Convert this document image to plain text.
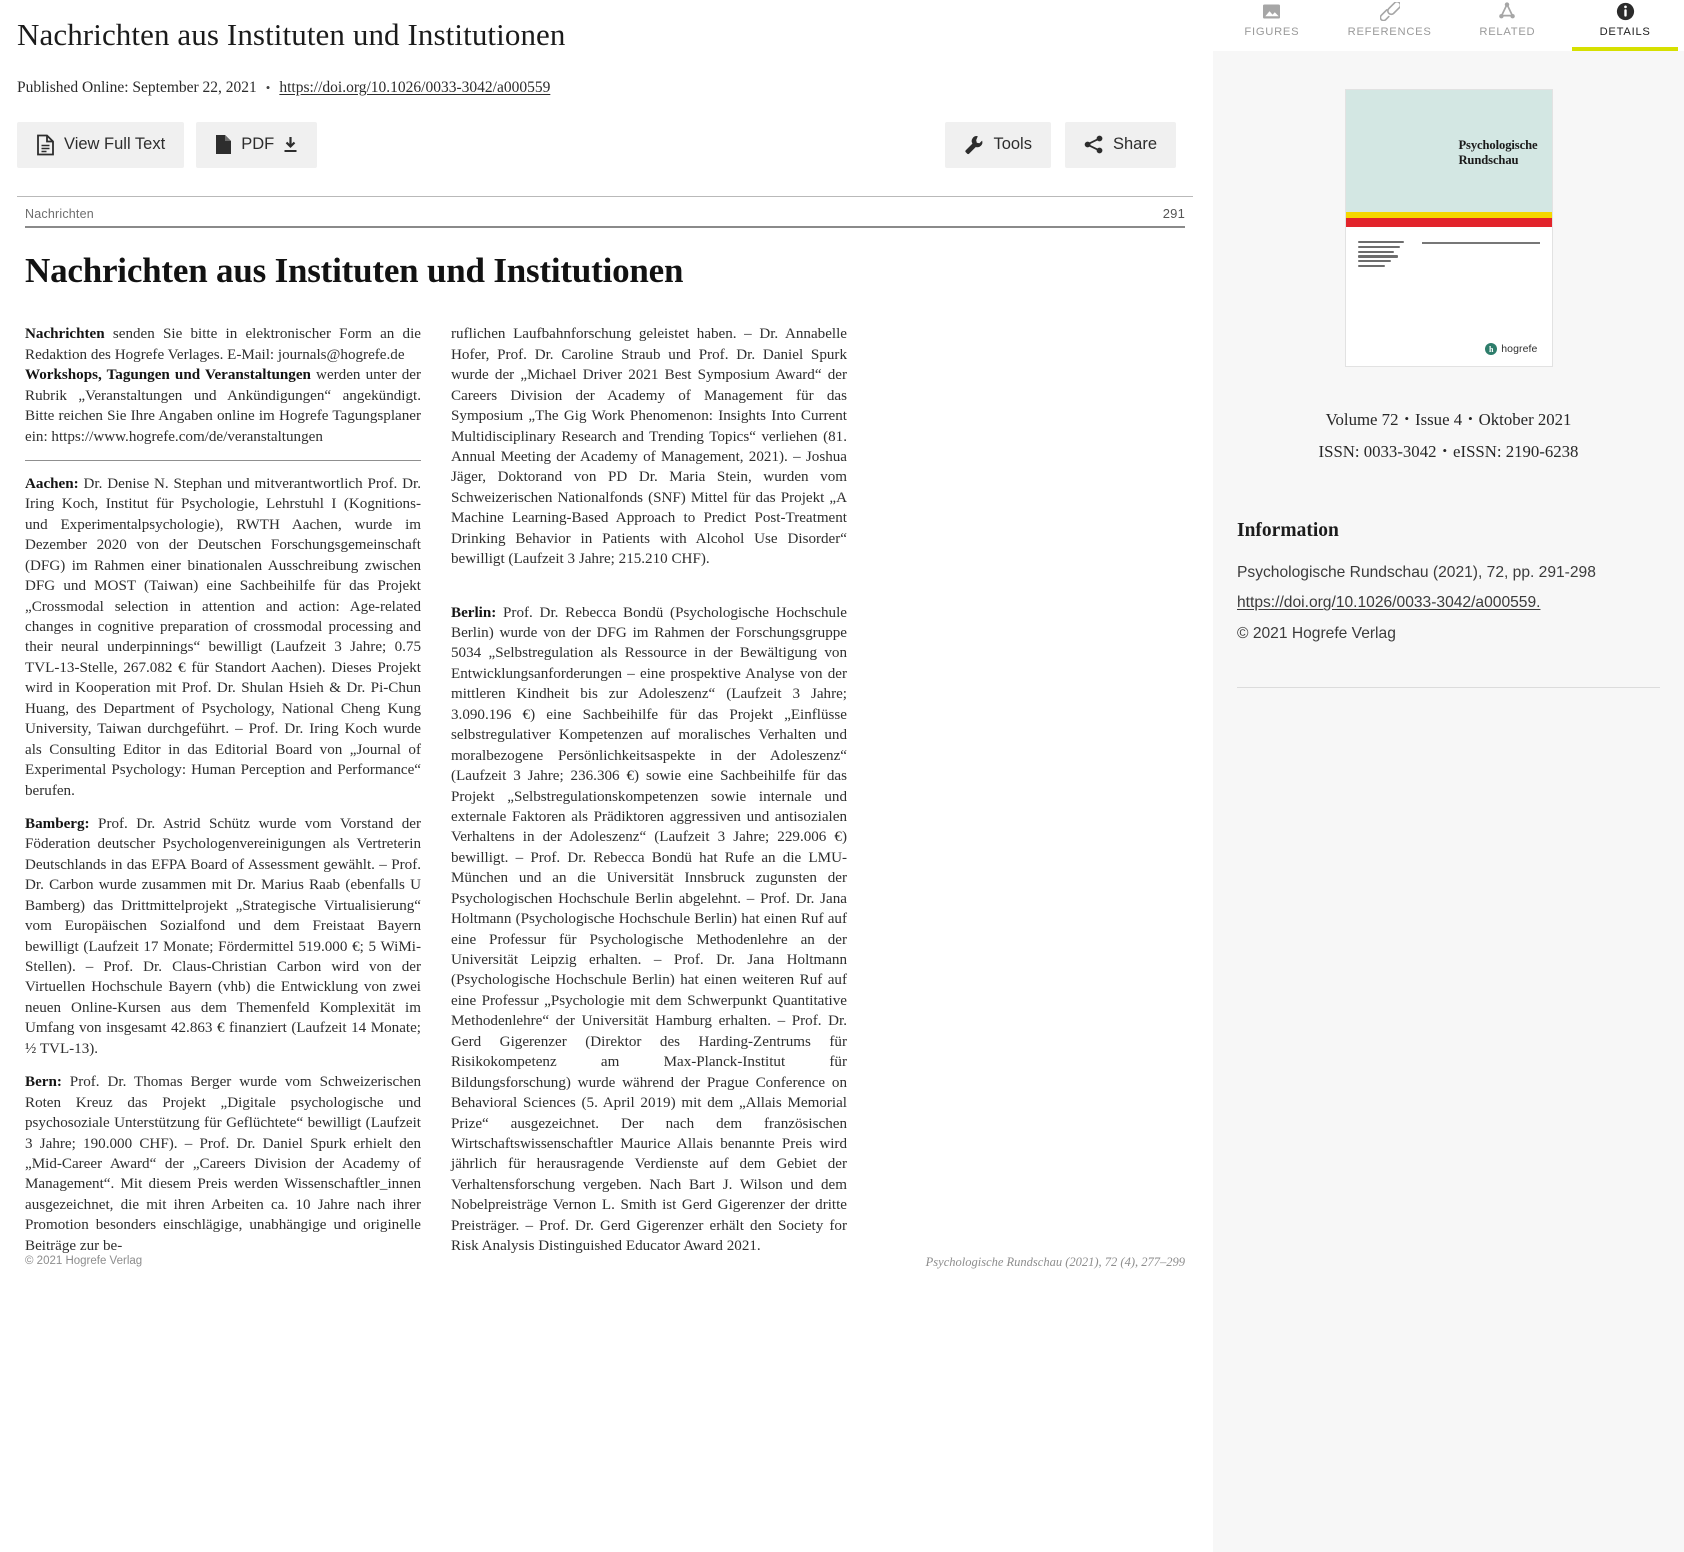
Nachrichten aus Instituten und Institutionen
Published Online: September 22, 2021 • https://doi.org/10.1026/0033-3042/a000559
View Full Text	PDF	Tools	Share
Nachrichten	291
Nachrichten aus Instituten und Institutionen

Nachrichten senden Sie bitte in elektronischer Form an die Redaktion des Hogrefe Verlages. E-Mail: journals@hogrefe.de

Workshops, Tagungen und Veranstaltungen werden unter der Rubrik „Veranstaltungen und Ankündigungen“ angekündigt. Bitte reichen Sie Ihre Angaben online im Hogrefe Tagungsplaner ein: https://www.hogrefe.com/de/veranstaltungen

Aachen: Dr. Denise N. Stephan und mitverantwortlich Prof. Dr. Iring Koch, Institut für Psychologie, Lehrstuhl I (Kognitions- und Experimentalpsychologie), RWTH Aachen, wurde im Dezember 2020 von der Deutschen Forschungsgemeinschaft (DFG) im Rahmen einer binationalen Ausschreibung zwischen DFG und MOST (Taiwan) eine Sachbeihilfe für das Projekt „Crossmodal selection in attention and action: Age-related changes in cognitive preparation of crossmodal processing and their neural underpinnings“ bewilligt (Laufzeit 3 Jahre; 0.75 TVL-13-Stelle, 267.082 € für Standort Aachen). Dieses Projekt wird in Kooperation mit Prof. Dr. Shulan Hsieh & Dr. Pi-Chun Huang, des Department of Psychology, National Cheng Kung University, Taiwan durchgeführt. – Prof. Dr. Iring Koch wurde als Consulting Editor in das Editorial Board von „Journal of Experimental Psychology: Human Perception and Performance“ berufen.

Bamberg: Prof. Dr. Astrid Schütz wurde vom Vorstand der Föderation deutscher Psychologenvereinigungen als Vertreterin Deutschlands in das EFPA Board of Assessment gewählt. – Prof. Dr. Carbon wurde zusammen mit Dr. Marius Raab (ebenfalls U Bamberg) das Drittmittelprojekt „Strategische Virtualisierung“ vom Europäischen Sozialfond und dem Freistaat Bayern bewilligt (Laufzeit 17 Monate; Fördermittel 519.000 €; 5 WiMi-Stellen). – Prof. Dr. Claus-Christian Carbon wird von der Virtuellen Hochschule Bayern (vhb) die Entwicklung von zwei neuen Online-Kursen aus dem Themenfeld Komplexität im Umfang von insgesamt 42.863 € finanziert (Laufzeit 14 Monate; ½ TVL-13).

Bern: Prof. Dr. Thomas Berger wurde vom Schweizerischen Roten Kreuz das Projekt „Digitale psychologische und psychosoziale Unterstützung für Geflüchtete“ bewilligt (Laufzeit 3 Jahre; 190.000 CHF). – Prof. Dr. Daniel Spurk erhielt den „Mid-Career Award“ der „Careers Division der Academy of Management“. Mit diesem Preis werden Wissenschaftler_innen ausgezeichnet, die mit ihren Arbeiten ca. 10 Jahre nach ihrer Promotion besonders einschlägige, unabhängige und originelle Beiträge zur be-

ruflichen Laufbahnforschung geleistet haben. – Dr. Annabelle Hofer, Prof. Dr. Caroline Straub und Prof. Dr. Daniel Spurk wurde der „Michael Driver 2021 Best Symposium Award“ der Careers Division der Academy of Management für das Symposium „The Gig Work Phenomenon: Insights Into Current Multidisciplinary Research and Trending Topics“ verliehen (81. Annual Meeting der Academy of Management, 2021). – Joshua Jäger, Doktorand von PD Dr. Maria Stein, wurden vom Schweizerischen Nationalfonds (SNF) Mittel für das Projekt „A Machine Learning-Based Approach to Predict Post-Treatment Drinking Behavior in Patients with Alcohol Use Disorder“ bewilligt (Laufzeit 3 Jahre; 215.210 CHF).

Berlin: Prof. Dr. Rebecca Bondü (Psychologische Hochschule Berlin) wurde von der DFG im Rahmen der Forschungsgruppe 5034 „Selbstregulation als Ressource in der Bewältigung von Entwicklungsanforderungen – eine prospektive Analyse von der mittleren Kindheit bis zur Adoleszenz“ (Laufzeit 3 Jahre; 3.090.196 €) eine Sachbeihilfe für das Projekt „Einflüsse selbstregulativer Kompetenzen auf moralisches Verhalten und moralbezogene Persönlichkeitsaspekte in der Adoleszenz“ (Laufzeit 3 Jahre; 236.306 €) sowie eine Sachbeihilfe für das Projekt „Selbstregulationskompetenzen sowie internale und externale Faktoren als Prädiktoren aggressiven und antisozialen Verhaltens in der Adoleszenz“ (Laufzeit 3 Jahre; 229.006 €) bewilligt. – Prof. Dr. Rebecca Bondü hat Rufe an die LMU-München und an die Universität Innsbruck zugunsten der Psychologischen Hochschule Berlin abgelehnt. – Prof. Dr. Jana Holtmann (Psychologische Hochschule Berlin) hat einen Ruf auf eine Professur für Psychologische Methodenlehre an der Universität Leipzig erhalten. – Prof. Dr. Jana Holtmann (Psychologische Hochschule Berlin) hat einen weiteren Ruf auf eine Professur „Psychologie mit dem Schwerpunkt Quantitative Methodenlehre“ der Universität Hamburg erhalten. – Prof. Dr. Gerd Gigerenzer (Direktor des Harding-Zentrums für Risikokompetenz am Max-Planck-Institut für Bildungsforschung) wurde während der Prague Conference on Behavioral Sciences (5. April 2019) mit dem „Allais Memorial Prize“ ausgezeichnet. Der nach dem französischen Wirtschaftswissenschaftler Maurice Allais benannte Preis wird jährlich für herausragende Verdienste auf dem Gebiet der Verhaltensforschung vergeben. Nach Bart J. Wilson und dem Nobelpreisträge Vernon L. Smith ist Gerd Gigerenzer der dritte Preisträger. – Prof. Dr. Gerd Gigerenzer erhält den Society for Risk Analysis Distinguished Educator Award 2021.

© 2021 Hogrefe Verlag	Psychologische Rundschau (2021), 72 (4), 277–299
FIGURES	REFERENCES	RELATED	DETAILS
Psychologische
Rundschau
h hogrefe
Volume 72 • Issue 4 • Oktober 2021
ISSN: 0033-3042 • eISSN: 2190-6238
Information
Psychologische Rundschau (2021), 72, pp. 291-298 https://doi.org/10.1026/0033-3042/a000559.
© 2021 Hogrefe Verlag
